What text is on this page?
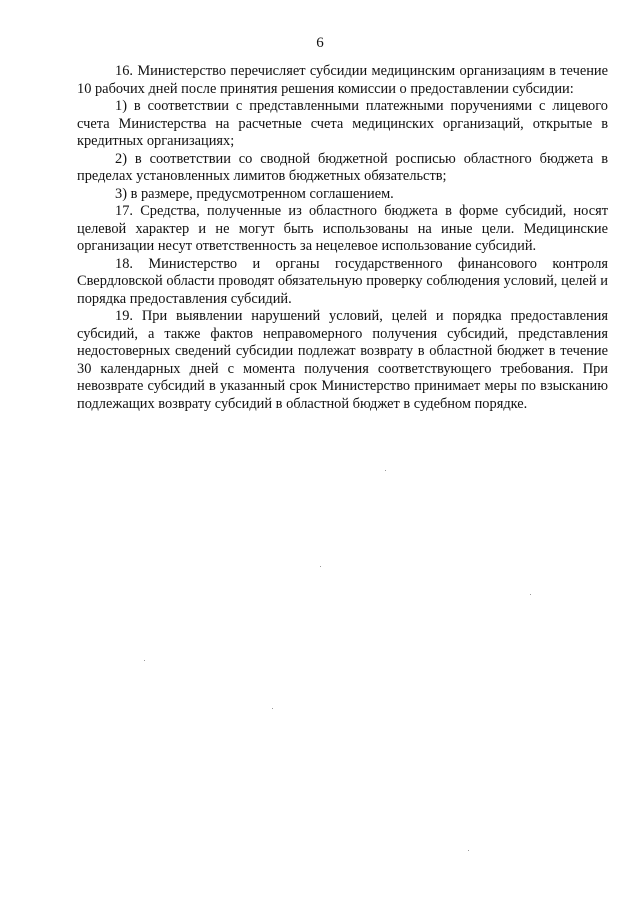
6

16. Министерство перечисляет субсидии медицинским организациям в течение 10 рабочих дней после принятия решения комиссии о предоставлении субсидии:

1) в соответствии с представленными платежными поручениями с лицевого счета Министерства на расчетные счета медицинских организаций, открытые в кредитных организациях;

2) в соответствии со сводной бюджетной росписью областного бюджета в пределах установленных лимитов бюджетных обязательств;

3) в размере, предусмотренном соглашением.

17. Средства, полученные из областного бюджета в форме субсидий, носят целевой характер и не могут быть использованы на иные цели. Медицинские организации несут ответственность за нецелевое использование субсидий.

18. Министерство и органы государственного финансового контроля Свердловской области проводят обязательную проверку соблюдения условий, целей и порядка предоставления субсидий.

19. При выявлении нарушений условий, целей и порядка предоставления субсидий, а также фактов неправомерного получения субсидий, представления недостоверных сведений субсидии подлежат возврату в областной бюджет в течение 30 календарных дней с момента получения соответствующего требования. При невозврате субсидий в указанный срок Министерство принимает меры по взысканию подлежащих возврату субсидий в областной бюджет в судебном порядке.
